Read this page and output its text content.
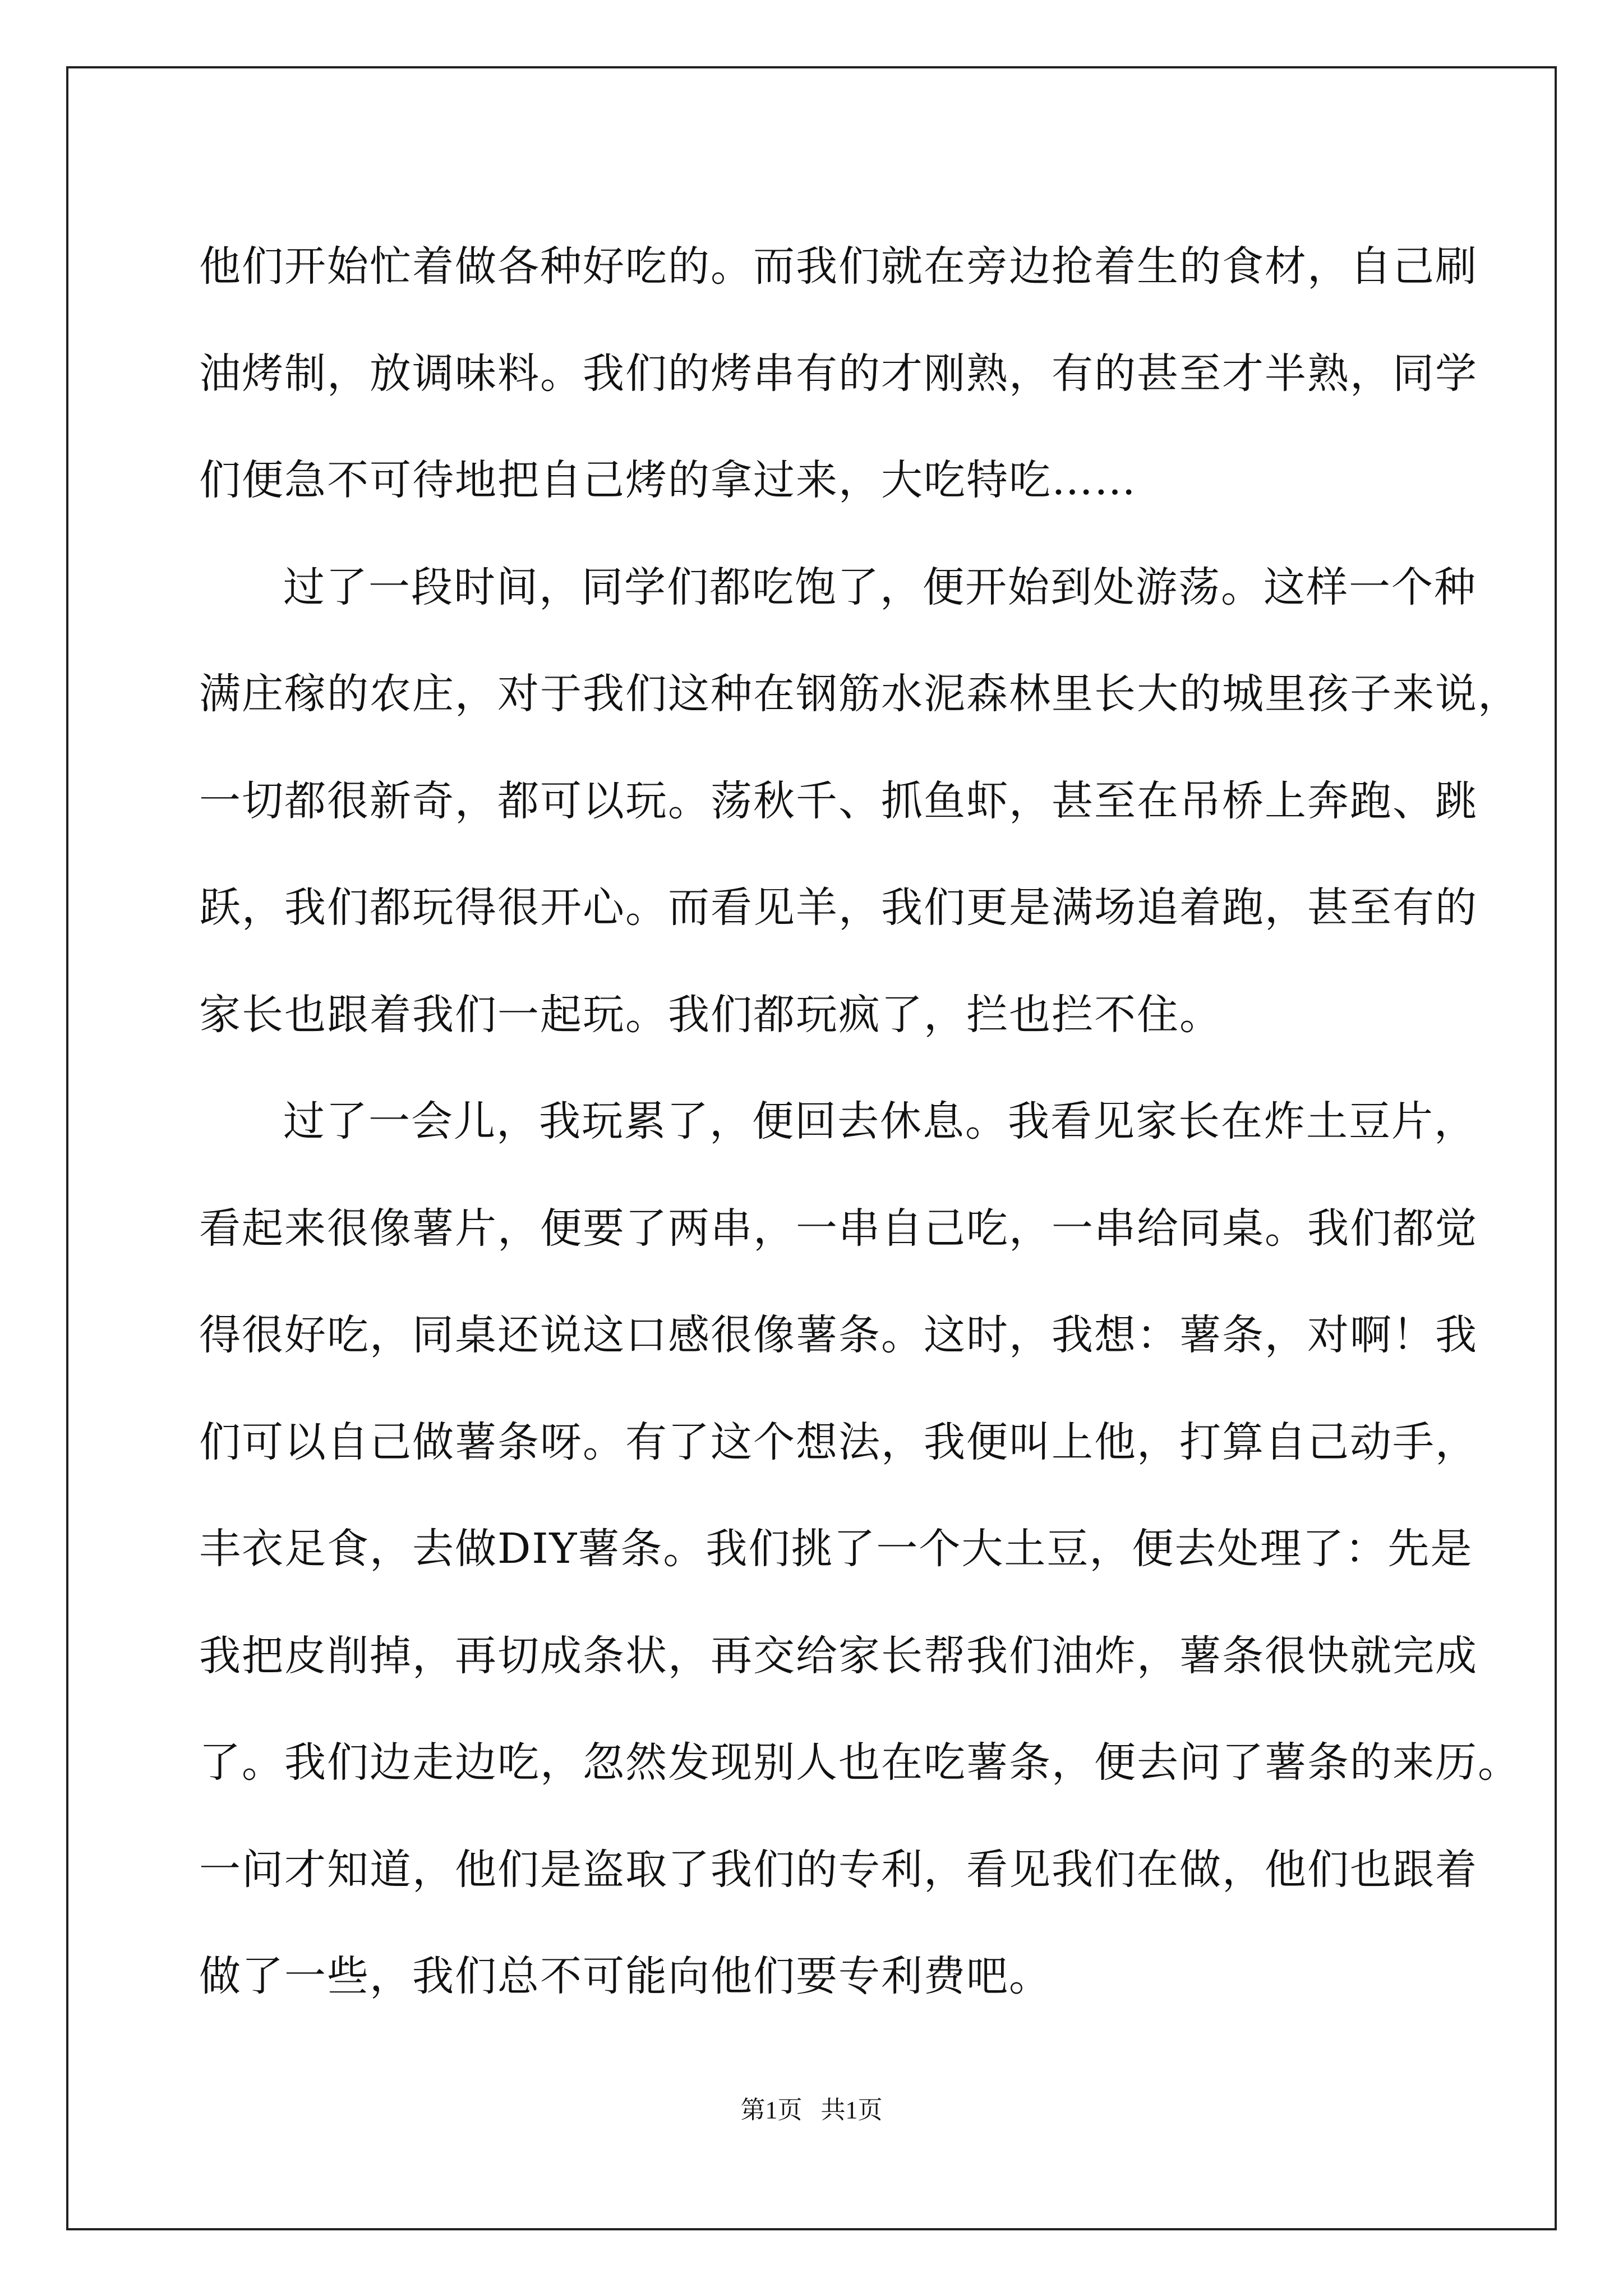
他们开始忙着做各种好吃的。而我们就在旁边抢着生的食材，自己刷
油烤制，放调味料。我们的烤串有的才刚熟，有的甚至才半熟，同学
们便急不可待地把自己烤的拿过来，大吃特吃……
过了一段时间，同学们都吃饱了，便开始到处游荡。这样一个种
满庄稼的农庄，对于我们这种在钢筋水泥森林里长大的城里孩子来说，
一切都很新奇，都可以玩。荡秋千、抓鱼虾，甚至在吊桥上奔跑、跳
跃，我们都玩得很开心。而看见羊，我们更是满场追着跑，甚至有的
家长也跟着我们一起玩。我们都玩疯了，拦也拦不住。
过了一会儿，我玩累了，便回去休息。我看见家长在炸土豆片，
看起来很像薯片，便要了两串，一串自己吃，一串给同桌。我们都觉
得很好吃，同桌还说这口感很像薯条。这时，我想：薯条，对啊！我
们可以自己做薯条呀。有了这个想法，我便叫上他，打算自己动手，
丰衣足食，去做DIY薯条。我们挑了一个大土豆，便去处理了：先是
我把皮削掉，再切成条状，再交给家长帮我们油炸，薯条很快就完成
了。我们边走边吃，忽然发现别人也在吃薯条，便去问了薯条的来历。
一问才知道，他们是盗取了我们的专利，看见我们在做，他们也跟着
做了一些，我们总不可能向他们要专利费吧。
第1页   共1页
